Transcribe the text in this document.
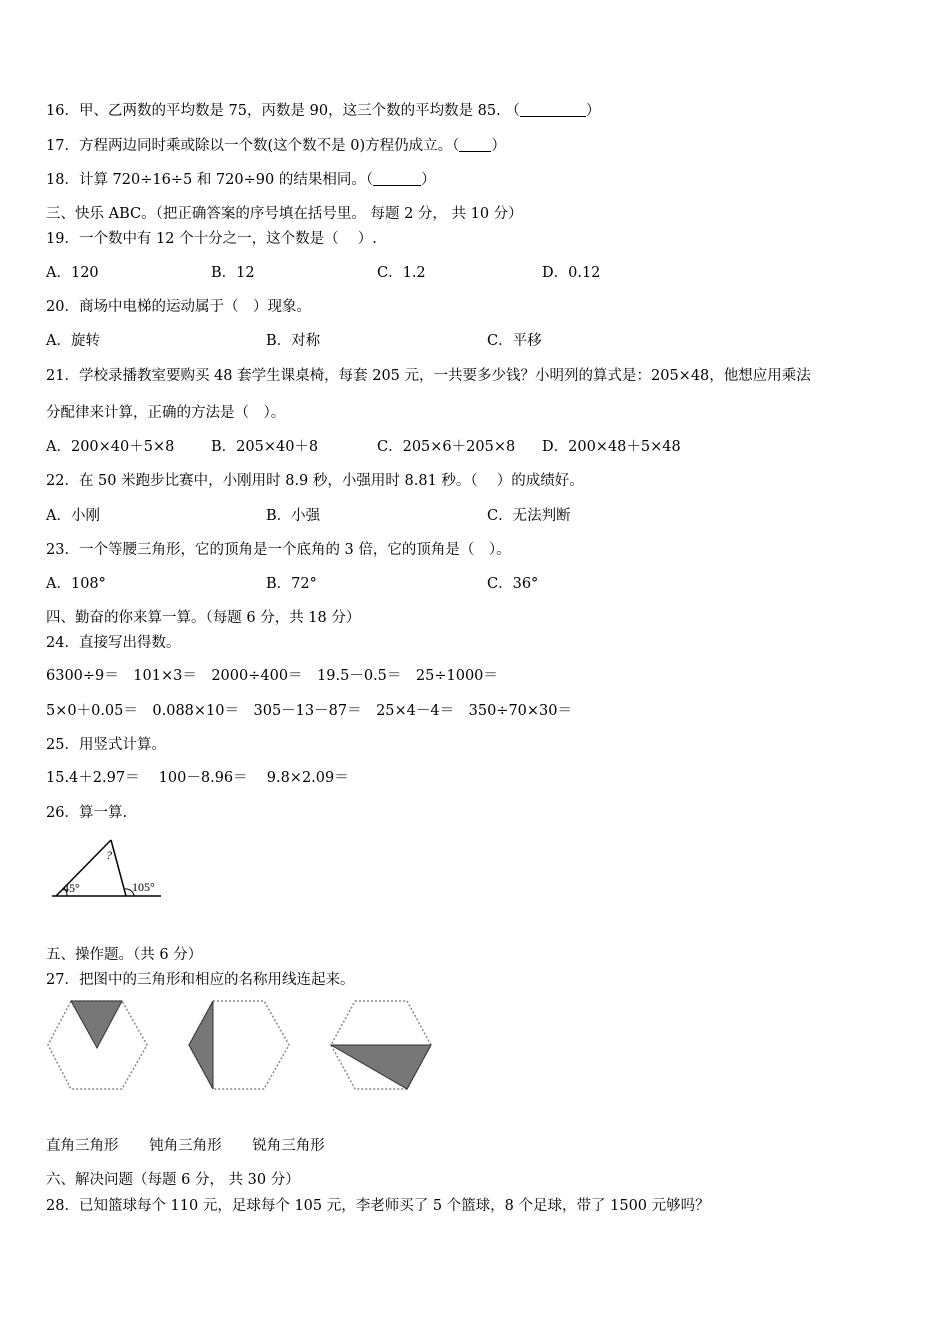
16．甲、乙两数的平均数是 75，丙数是 90，这三个数的平均数是 85. （	）
17．方程两边同时乘或除以一个数(这个数不是 0)方程仍成立。（ ）
18．计算 720÷16÷5 和 720÷90 的结果相同。（	）
三、快乐 ABC。（把正确答案的序号填在括号里。 每题 2 分， 共 10 分）
19．一个数中有 12 个十分之一，这个数是（　 ）.
A．120	B．12	C．1.2	D．0.12
20．商场中电梯的运动属于（　）现象。
A．旋转	B．对称	C．平移
21．学校录播教室要购买 48 套学生课桌椅，每套 205 元，一共要多少钱？小明列的算式是：205×48，他想应用乘法
分配律来计算，正确的方法是（　）。
A．200×40＋5×8	B．205×40＋8	C．205×6＋205×8 D．200×48＋5×48
22．在 50 米跑步比赛中，小刚用时 8.9 秒，小强用时 8.81 秒。（　 ）的成绩好。
A．小刚	B．小强	C．无法判断
23．一个等腰三角形，它的顶角是一个底角的 3 倍，它的顶角是（　）。
A．108°	B．72°	C．36°
四、勤奋的你来算一算。（每题 6 分，共 18 分）
24．直接写出得数。
6300÷9＝　101×3＝　2000÷400＝　19.5－0.5＝　25÷1000＝
5×0＋0.05＝　0.088×10＝　305－13－87＝　25×4－4＝　350÷70×30＝
25．用竖式计算。
15.4＋2.97＝　 100－8.96＝　 9.8×2.09＝
26．算一算.
?
45°	105°
五、操作题。（共 6 分）
27．把图中的三角形和相应的名称用线连起来。
直角三角形 钝角三角形 锐角三角形
六、解决问题（每题 6 分， 共 30 分）
28．已知篮球每个 110 元，足球每个 105 元，李老师买了 5 个篮球，8 个足球，带了 1500 元够吗？
